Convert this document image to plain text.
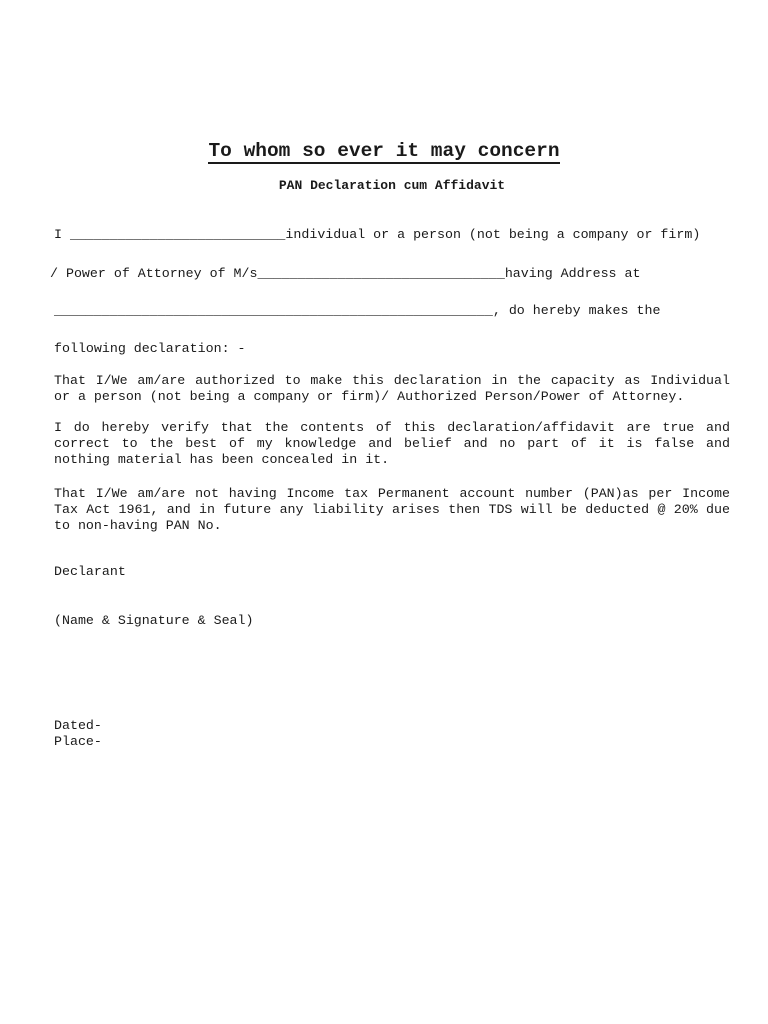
To whom so ever it may concern
PAN Declaration cum Affidavit
I ___________________________individual or a person (not being a company or firm)
/ Power of Attorney of M/s_______________________________having Address at
_______________________________________________________, do hereby makes the
following declaration: -
That I/We am/are authorized to make this declaration in the capacity as Individual or a person (not being a company or firm)/ Authorized Person/Power of Attorney.
I do hereby verify that the contents of this declaration/affidavit are true and correct to the best of my knowledge and belief and no part of it is false and nothing material has been concealed in it.
That I/We am/are not having Income tax Permanent account number (PAN)as per Income Tax Act 1961, and in future any liability arises then TDS will be deducted @ 20% due to non-having PAN No.
Declarant
(Name & Signature & Seal)
Dated-
Place-
